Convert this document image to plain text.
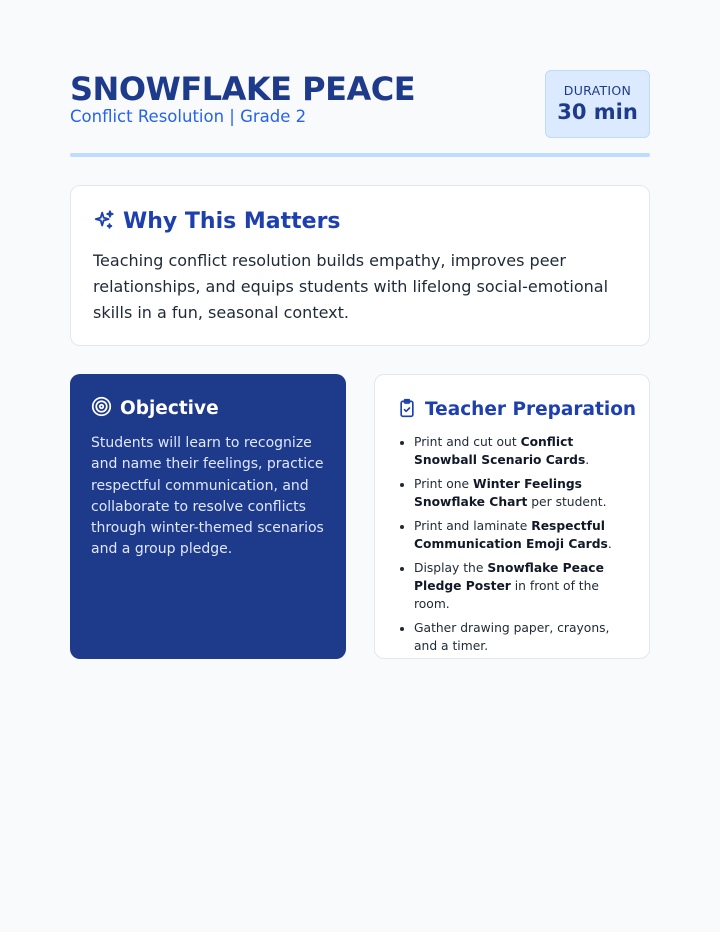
SNOWFLAKE PEACE
Conflict Resolution | Grade 2
DURATION
30 min
Why This Matters

Teaching conflict resolution builds empathy, improves peer relationships, and equips students with lifelong social-emotional skills in a fun, seasonal context.

Objective

Students will learn to recognize and name their feelings, practice respectful communication, and collaborate to resolve conflicts through winter-themed scenarios and a group pledge.

Teacher Preparation
• Print and cut out Conflict Snowball Scenario Cards.
• Print one Winter Feelings Snowflake Chart per student.
• Print and laminate Respectful Communication Emoji Cards.
• Display the Snowflake Peace Pledge Poster in front of the room.
• Gather drawing paper, crayons, and a timer.
